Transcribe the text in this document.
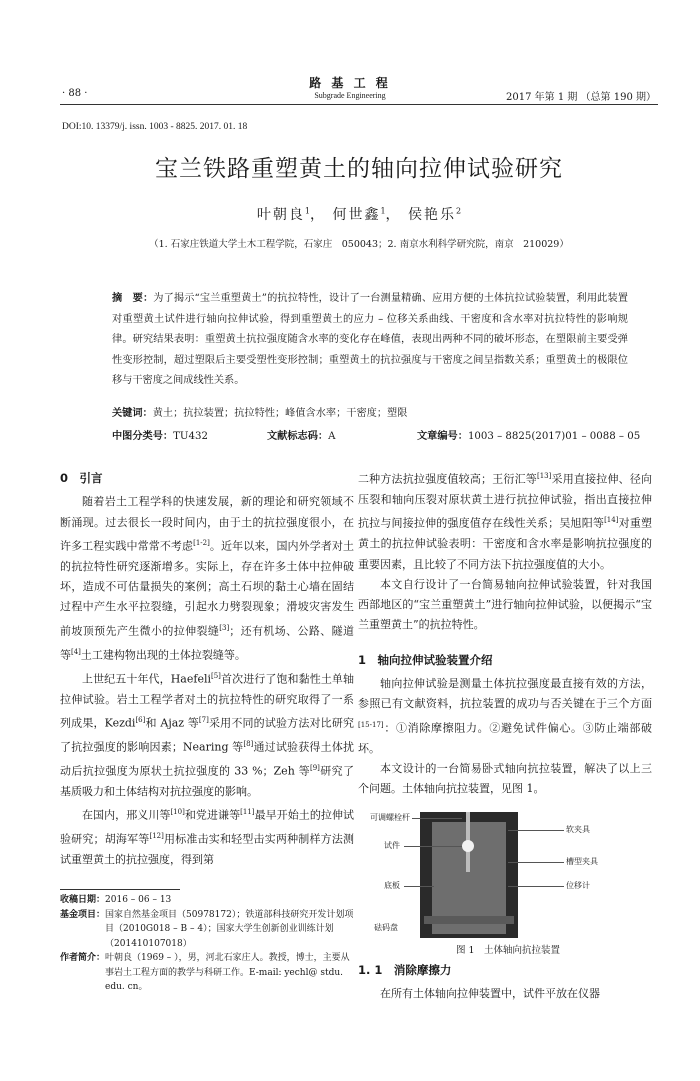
· 88 ·
路 基 工 程
Subgrade Engineering	2017 年第 1 期 （总第 190 期）
DOI:10. 13379/j. issn. 1003 - 8825. 2017. 01. 18
宝兰铁路重塑黄土的轴向拉伸试验研究
叶朝良$^1$， 何世鑫$^1$， 侯艳乐$^2$
（1. 石家庄铁道大学土木工程学院，石家庄　050043；2. 南京水利科学研究院，南京　210029）
摘　要：为了揭示“宝兰重塑黄土”的抗拉特性，设计了一台测量精确、应用方便的土体抗拉试验装置，利用此装置对重塑黄土试件进行轴向拉伸试验，得到重塑黄土的应力 – 位移关系曲线、干密度和含水率对抗拉特性的影响规律。研究结果表明：重塑黄土抗拉强度随含水率的变化存在峰值，表现出两种不同的破坏形态，在塑限前主要受弹性变形控制，超过塑限后主要受塑性变形控制；重塑黄土的抗拉强度与干密度之间呈指数关系；重塑黄土的极限位移与干密度之间成线性关系。
关键词：黄土；抗拉装置；抗拉特性；峰值含水率；干密度；塑限
中图分类号：TU432	文献标志码：A	文章编号：1003 – 8825(2017)01 – 0088 – 05
0　引言

随着岩土工程学科的快速发展，新的理论和研究领域不断涌现。过去很长一段时间内，由于土的抗拉强度很小，在许多工程实践中常常不考虑[1-2]。近年以来，国内外学者对土的抗拉特性研究逐渐增多。实际上，存在许多土体中拉伸破坏，造成不可估量损失的案例；高土石坝的黏土心墙在固结过程中产生水平拉裂缝，引起水力劈裂现象；滑坡灾害发生前坡顶预先产生微小的拉伸裂缝[3]；还有机场、公路、隧道等[4]土工建构物出现的土体拉裂缝等。

上世纪五十年代，Haefeli[5]首次进行了饱和黏性土单轴拉伸试验。岩土工程学者对土的抗拉特性的研究取得了一系列成果，Kezdi[6]和 Ajaz 等[7]采用不同的试验方法对比研究了抗拉强度的影响因素；Nearing 等[8]通过试验获得土体扰动后抗拉强度为原状土抗拉强度的 33 %；Zeh 等[9]研究了基质吸力和土体结构对抗拉强度的影响。

在国内，邢义川等[10]和党进谦等[11]最早开始土的拉伸试验研究；胡海军等[12]用标准击实和轻型击实两种制样方法测试重塑黄土的抗拉强度，得到第

二种方法抗拉强度值较高；王衍汇等[13]采用直接拉伸、径向压裂和轴向压裂对原状黄土进行抗拉伸试验，指出直接拉伸抗拉与间接拉伸的强度值存在线性关系；吴旭阳等[14]对重塑黄土的抗拉伸试验表明：干密度和含水率是影响抗拉强度的重要因素，且比较了不同方法下抗拉强度值的大小。

本文自行设计了一台简易轴向拉伸试验装置，针对我国西部地区的“宝兰重塑黄土”进行轴向拉伸试验，以便揭示“宝兰重塑黄土”的抗拉特性。

1　轴向拉伸试验装置介绍

轴向拉伸试验是测量土体抗拉强度最直接有效的方法，参照已有文献资料，抗拉装置的成功与否关键在于三个方面[15-17]：①消除摩擦阻力。②避免试件偏心。③防止端部破坏。

本文设计的一台简易卧式轴向抗拉装置，解决了以上三个问题。土体轴向抗拉装置，见图 1。

可调螺栓杆
试件
底板
砝码盘
软夹具
槽型夹具
位移计
图 1　土体轴向抗拉装置
1. 1　消除摩擦力

在所有土体轴向拉伸装置中，试件平放在仪器

收稿日期： 2016 – 06 – 13
基金项目： 国家自然基金项目（50978172）；铁道部科技研究开发计划项目（2010G018 – B – 4）；国家大学生创新创业训练计划（201410107018）
作者简介： 叶朝良（1969 – ），男，河北石家庄人。教授，博士，主要从事岩土工程方面的教学与科研工作。E-mail: yechl@ stdu. edu. cn。
